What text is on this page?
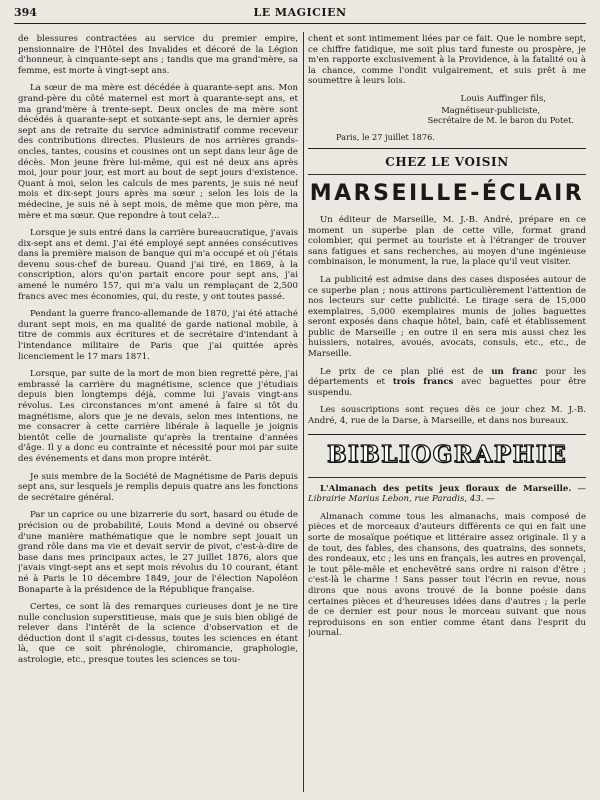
394	LE MAGICIEN

de blessures contractées au service du premier empire, pensionnaire de l'Hôtel des Invalides et décoré de la Légion d'honneur, à cinquante-sept ans ; tandis que ma grand'mère, sa femme, est morte à vingt-sept ans.

La sœur de ma mère est décédée à quarante-sept ans. Mon grand-père du côté maternel est mort à quarante-sept ans, et ma grand'mère à trente-sept. Deux oncles de ma mère sont décédés à quarante-sept et soixante-sept ans, le dernier après sept ans de retraite du service administratif comme receveur des contributions directes. Plusieurs de nos arrières grands-oncles, tantes, cousins et cousines ont un sept dans leur âge de décès. Mon jeune frère lui-même, qui est né deux ans après moi, jour pour jour, est mort au bout de sept jours d'existence. Quant à moi, selon les calculs de mes parents, je suis né neuf mois et dix-sept jours après ma sœur ; selon les lois de la médecine, je suis né à sept mois, de même que mon père, ma mère et ma sœur. Que repondre à tout cela?...

Lorsque je suis entré dans la carrière bureaucratique, j'avais dix-sept ans et demi. J'ai été employé sept années consécutives dans la première maison de banque qui m'a occupé et où j'étais devenu sous-chef de bureau. Quand j'ai tiré, en 1869, à la conscription, alors qu'on partait encore pour sept ans, j'ai amené le numéro 157, qui m'a valu un remplaçant de 2,500 francs avec mes économies, qui, du reste, y ont toutes passé.

Pendant la guerre franco-allemande de 1870, j'ai été attaché durant sept mois, en ma qualité de garde national mobile, à titre de commis aux écritures et de secrétaire d'intendant à l'intendance militaire de Paris que j'ai quittée après licenciement le 17 mars 1871.

Lorsque, par suite de la mort de mon bien regretté père, j'ai embrassé la carrière du magnétisme, science que j'étudiais depuis bien longtemps déjà, comme lui j'avais vingt-ans révolus. Les circonstances m'ont amené à faire si tôt du magnétisme, alors que je ne devais, selon mes intentions, ne me consacrer à cette carrière libérale à laquelle je joignis bientôt celle de journaliste qu'après la trentaine d'années d'âge. Il y a donc eu contrainte et nécessité pour moi par suite des événements et dans mon propre intérêt.

Je suis membre de la Société de Magnétisme de Paris depuis sept ans, sur lesquels je remplis depuis quatre ans les fonctions de secrétaire général.

Par un caprice ou une bizarrerie du sort, hasard ou étude de précision ou de probabilité, Louis Mond a deviné ou observé d'une manière mathématique que le nombre sept jouait un grand rôle dans ma vie et devait servir de pivot, c'est-à-dire de base dans mes principaux actes, le 27 juillet 1876, alors que j'avais vingt-sept ans et sept mois révolus du 10 courant, étant né à Paris le 10 décembre 1849, jour de l'élection Napoléon Bonaparte à la présidence de la République française.

Certes, ce sont là des remarques curieuses dont je ne tire nulle conclusion superstitieuse, mais que je suis bien obligé de relever dans l'intérêt de la science d'observation et de déduction dont il s'agit ci-dessus, toutes les sciences en étant là, que ce soit phrénologie, chiromancie, graphologie, astrologie, etc., presque toutes les sciences se tou-

chent et sont intimement liées par ce fait. Que le nombre sept, ce chiffre fatidique, me soit plus tard funeste ou prospère, je m'en rapporte exclusivement à la Providence, à la fatalité ou à la chance, comme l'ondit vulgairement, et suis prêt à me soumettre à leurs lois.

Louis Auffinger fils,

Magnétiseur-publiciste,

Secrétaire de M. le baron du Potet.

Paris, le 27 juillet 1876.

CHEZ LE VOISIN
MARSEILLE-ÉCLAIR

Un éditeur de Marseille, M. J.-B. André, prépare en ce moment un superbe plan de cette ville, format grand colombier, qui permet au touriste et à l'étranger de trouver sans fatigues et sans recherches, au moyen d'une ingénieuse combinaison, le monument, la rue, la place qu'il veut visiter.

La publicité est admise dans des cases disposées autour de ce superbe plan ; nous attirons particulièrement l'attention de nos lecteurs sur cette publicité. Le tirage sera de 15,000 exemplaires, 5,000 exemplaires munis de jolies baguettes seront exposés dans chaque hôtel, bain, café et établissement public de Marseille ; en outre il en sera mis aussi chez les huissiers, notaires, avoués, avocats, consuls, etc., etc., de Marseille.

Le prix de ce plan plié est de un franc pour les départements et trois francs avec baguettes pour être suspendu.

Les souscriptions sont reçues dès ce jour chez M. J.-B. André, 4, rue de la Darse, à Marseille, et dans nos bureaux.

BIBLIOGRAPHIE

L'Almanach des petits jeux floraux de Marseille. — Librairie Marius Lebon, rue Paradis, 43. —

Almanach comme tous les almanachs, mais composé de pièces et de morceaux d'auteurs différents ce qui en fait une sorte de mosaïque poétique et littéraire assez originale. Il y a de tout, des fables, des chansons, des quatrains, des sonnets, des rondeaux, etc ; les uns en français, les autres en provençal, le tout pêle-mêle et enchevêtré sans ordre ni raison d'être ; c'est-là le charme ! Sans passer tout l'écrin en revue, nous dirons que nous avons trouvé de la bonne poésie dans certaines pièces et d'heureuses idées dans d'autres ; la perle de ce dernier est pour nous le morceau suivant que nous reproduisons en son entier comme étant dans l'esprit du journal.
